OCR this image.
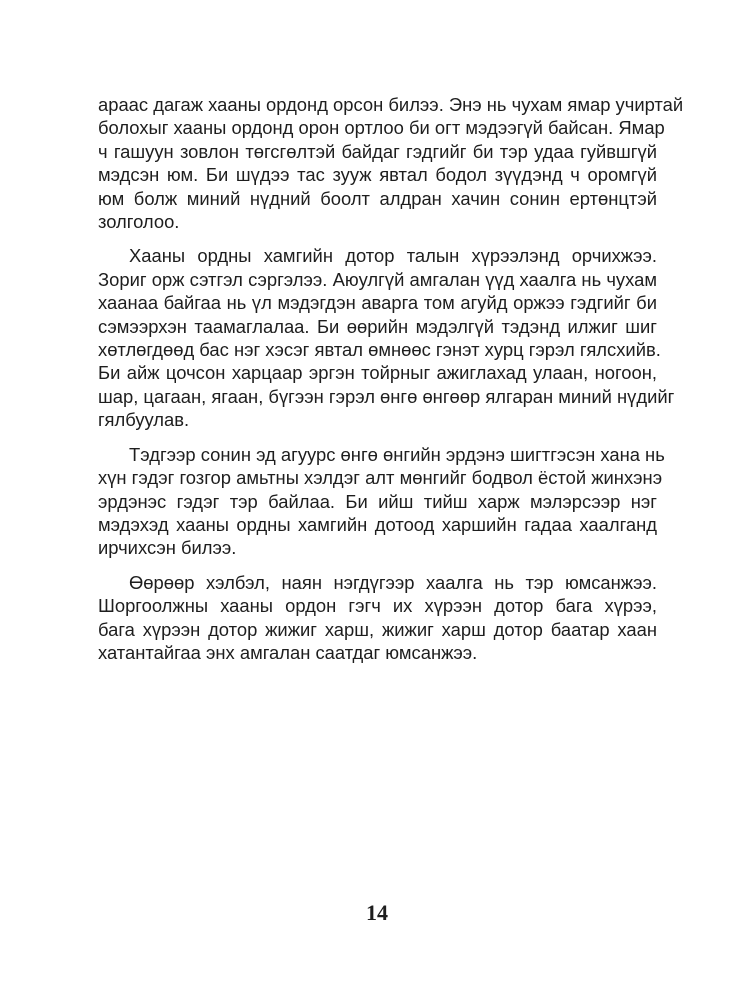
араас дагаж хааны ордонд орсон билээ. Энэ нь чухам ямар учиртай
болохыг хааны ордонд орон ортлоо би огт мэдээгүй байсан. Ямар
ч гашуун зовлон төгсгөлтэй байдаг гэдгийг би тэр удаа гуйвшгүй
мэдсэн юм. Би шүдээ тас зууж явтал бодол зүүдэнд ч оромгүй
юм болж миний нүдний боолт алдран хачин сонин ертөнцтэй
золголоо.

Хааны ордны хамгийн дотор талын хүрээлэнд орчихжээ.
Зориг орж сэтгэл сэргэлээ. Аюулгүй амгалан үүд хаалга нь чухам
хаанаа байгаа нь үл мэдэгдэн аварга том агуйд оржээ гэдгийг би
сэмээрхэн таамаглалаа. Би өөрийн мэдэлгүй тэдэнд илжиг шиг
хөтлөгдөөд бас нэг хэсэг явтал өмнөөс гэнэт хурц гэрэл гялсхийв.
Би айж цочсон харцаар эргэн тойрныг ажиглахад улаан, ногоон,
шар, цагаан, ягаан, бүгээн гэрэл өнгө өнгөөр ялгаран миний нүдийг
гялбуулав.

Тэдгээр сонин эд агуурс өнгө өнгийн эрдэнэ шигтгэсэн хана нь
хүн гэдэг гозгор амьтны хэлдэг алт мөнгийг бодвол ёстой жинхэнэ
эрдэнэс гэдэг тэр байлаа. Би ийш тийш харж мэлэрсээр нэг
мэдэхэд хааны ордны хамгийн дотоод харшийн гадаа хаалганд
ирчихсэн билээ.

Өөрөөр хэлбэл, наян нэгдүгээр хаалга нь тэр юмсанжээ.
Шоргоолжны хааны ордон гэгч их хүрээн дотор бага хүрээ,
бага хүрээн дотор жижиг харш, жижиг харш дотор баатар хаан
хатантайгаа энх амгалан саатдаг юмсанжээ.

14
